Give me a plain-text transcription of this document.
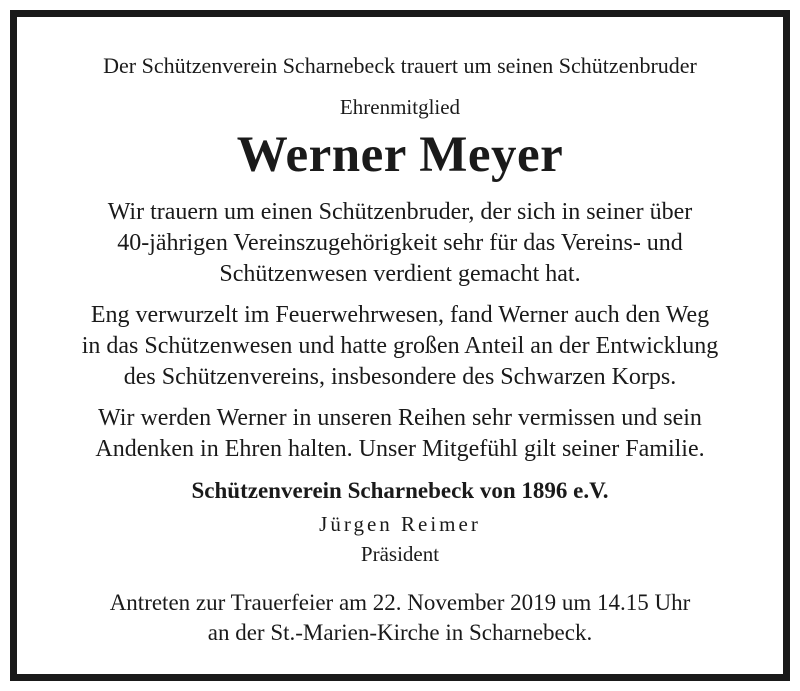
Der Schützenverein Scharnebeck trauert um seinen Schützenbruder
Ehrenmitglied
Werner Meyer
Wir trauern um einen Schützenbruder, der sich in seiner über
40-jährigen Vereinszugehörigkeit sehr für das Vereins- und
Schützenwesen verdient gemacht hat.
Eng verwurzelt im Feuerwehrwesen, fand Werner auch den Weg
in das Schützenwesen und hatte großen Anteil an der Entwicklung
des Schützenvereins, insbesondere des Schwarzen Korps.
Wir werden Werner in unseren Reihen sehr vermissen und sein
Andenken in Ehren halten. Unser Mitgefühl gilt seiner Familie.
Schützenverein Scharnebeck von 1896 e.V.
Jürgen Reimer
Präsident
Antreten zur Trauerfeier am 22. November 2019 um 14.15 Uhr
an der St.-Marien-Kirche in Scharnebeck.
